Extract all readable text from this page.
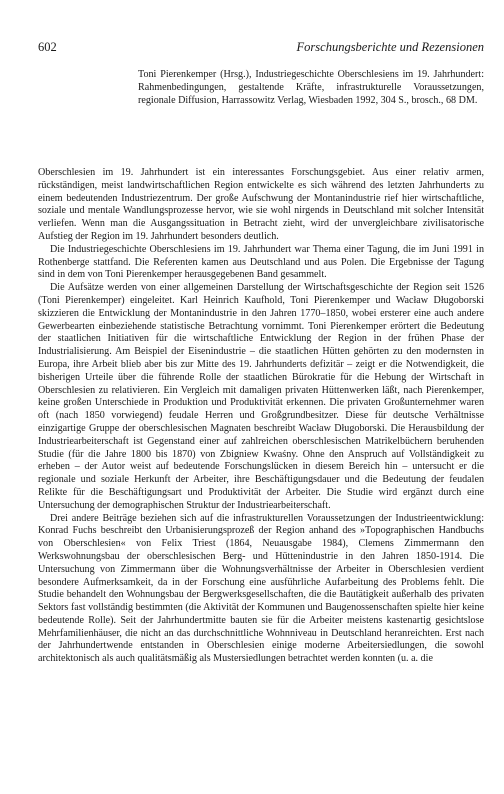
602	Forschungsberichte und Rezensionen
Toni Pierenkemper (Hrsg.), Industriegeschichte Oberschlesiens im 19. Jahrhundert: Rahmenbedingungen, gestaltende Kräfte, infrastrukturelle Voraussetzungen, regionale Diffusion, Harrassowitz Verlag, Wiesbaden 1992, 304 S., brosch., 68 DM.

Oberschlesien im 19. Jahrhundert ist ein interessantes Forschungsgebiet. Aus einer relativ armen, rückständigen, meist landwirtschaftlichen Region entwickelte es sich während des letzten Jahrhunderts zu einem bedeutenden Industriezentrum. Der große Aufschwung der Montanindustrie rief hier wirtschaftliche, soziale und mentale Wandlungsprozesse hervor, wie sie wohl nirgends in Deutschland mit solcher Intensität verliefen. Wenn man die Ausgangssituation in Betracht zieht, wird der unvergleichbare zivilisatorische Aufstieg der Region im 19. Jahrhundert besonders deutlich.

Die Industriegeschichte Oberschlesiens im 19. Jahrhundert war Thema einer Tagung, die im Juni 1991 in Rothenberge stattfand. Die Referenten kamen aus Deutschland und aus Polen. Die Ergebnisse der Tagung sind in dem von Toni Pierenkemper herausgegebenen Band gesammelt.

Die Aufsätze werden von einer allgemeinen Darstellung der Wirtschaftsgeschichte der Region seit 1526 (Toni Pierenkemper) eingeleitet. Karl Heinrich Kaufhold, Toni Pierenkemper und Wacław Długoborski skizzieren die Entwicklung der Montanindustrie in den Jahren 1770–1850, wobei ersterer eine auch andere Gewerbearten einbeziehende statistische Betrachtung vornimmt. Toni Pierenkemper erörtert die Bedeutung der staatlichen Initiativen für die wirtschaftliche Entwicklung der Region in der frühen Phase der Industrialisierung. Am Beispiel der Eisenindustrie – die staatlichen Hütten gehörten zu den modernsten in Europa, ihre Arbeit blieb aber bis zur Mitte des 19. Jahrhunderts defizitär – zeigt er die Notwendigkeit, die bisherigen Urteile über die führende Rolle der staatlichen Bürokratie für die Hebung der Wirtschaft in Oberschlesien zu relativieren. Ein Vergleich mit damaligen privaten Hüttenwerken läßt, nach Pierenkemper, keine großen Unterschiede in Produktion und Produktivität erkennen. Die privaten Großunternehmer waren oft (nach 1850 vorwiegend) feudale Herren und Großgrundbesitzer. Diese für deutsche Verhältnisse einzigartige Gruppe der oberschlesischen Magnaten beschreibt Wacław Długoborski. Die Herausbildung der Industriearbeiterschaft ist Gegenstand einer auf zahlreichen oberschlesischen Matrikelbüchern beruhenden Studie (für die Jahre 1800 bis 1870) von Zbigniew Kwaśny. Ohne den Anspruch auf Vollständigkeit zu erheben – der Autor weist auf bedeutende Forschungslücken in diesem Bereich hin – untersucht er die regionale und soziale Herkunft der Arbeiter, ihre Beschäftigungsdauer und die Bedeutung der feudalen Relikte für die Beschäftigungsart und Produktivität der Arbeiter. Die Studie wird ergänzt durch eine Untersuchung der demographischen Struktur der Industriearbeiterschaft.

Drei andere Beiträge beziehen sich auf die infrastrukturellen Voraussetzungen der Industrieentwicklung: Konrad Fuchs beschreibt den Urbanisierungsprozeß der Region anhand des »Topographischen Handbuchs von Oberschlesien« von Felix Triest (1864, Neuausgabe 1984), Clemens Zimmermann den Werkswohnungsbau der oberschlesischen Berg- und Hüttenindustrie in den Jahren 1850-1914. Die Untersuchung von Zimmermann über die Wohnungsverhältnisse der Arbeiter in Oberschlesien verdient besondere Aufmerksamkeit, da in der Forschung eine ausführliche Aufarbeitung des Problems fehlt. Die Studie behandelt den Wohnungsbau der Bergwerksgesellschaften, die die Bautätigkeit außerhalb des privaten Sektors fast vollständig bestimmten (die Aktivität der Kommunen und Baugenossenschaften spielte hier keine bedeutende Rolle). Seit der Jahrhundertmitte bauten sie für die Arbeiter meistens kastenartig gesichtslose Mehrfamilienhäuser, die nicht an das durchschnittliche Wohnniveau in Deutschland heranreichten. Erst nach der Jahrhundertwende entstanden in Oberschlesien einige moderne Arbeitersiedlungen, die sowohl architektonisch als auch qualitätsmäßig als Mustersiedlungen betrachtet werden konnten (u. a. die
